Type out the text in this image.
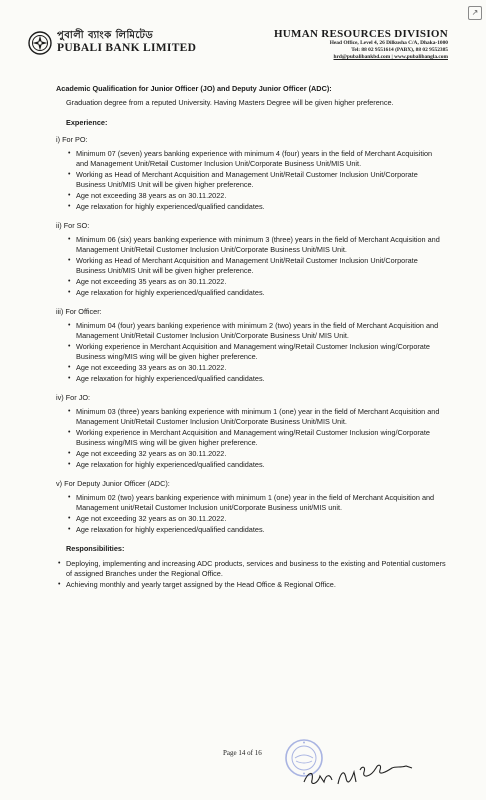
পুবালী ব্যাংক লিমিটেড
PUBALI BANK LIMITED
HUMAN RESOURCES DIVISION
Head Office, Level 4, 26 Dilkusha C/A, Dhaka-1000
Tel: 88 02 9551614 (PABX), 88 02 9552385
hrd@pubalibankbd.com | www.pubalibangla.com
↗

Academic Qualification for Junior Officer (JO) and Deputy Junior Officer (ADC):

Graduation degree from a reputed University. Having Masters Degree will be given higher preference.

Experience:

i) For PO:

• Minimum 07 (seven) years banking experience with minimum 4 (four) years in the field of Merchant Acquisition and Management Unit/Retail Customer Inclusion Unit/Corporate Business Unit/MIS Unit.
• Working as Head of Merchant Acquisition and Management Unit/Retail Customer Inclusion Unit/Corporate Business Unit/MIS Unit will be given higher preference.
• Age not exceeding 38 years as on 30.11.2022.
• Age relaxation for highly experienced/qualified candidates.

ii) For SO:

• Minimum 06 (six) years banking experience with minimum 3 (three) years in the field of Merchant Acquisition and Management Unit/Retail Customer Inclusion Unit/Corporate Business Unit/MIS Unit.
• Working as Head of Merchant Acquisition and Management Unit/Retail Customer Inclusion Unit/Corporate Business Unit/MIS Unit will be given higher preference.
• Age not exceeding 35 years as on 30.11.2022.
• Age relaxation for highly experienced/qualified candidates.

iii) For Officer:

• Minimum 04 (four) years banking experience with minimum 2 (two) years in the field of Merchant Acquisition and Management Unit/Retail Customer Inclusion Unit/Corporate Business Unit/ MIS Unit.
• Working experience in Merchant Acquisition and Management wing/Retail Customer Inclusion wing/Corporate Business wing/MIS wing will be given higher preference.
• Age not exceeding 33 years as on 30.11.2022.
• Age relaxation for highly experienced/qualified candidates.

iv) For JO:

• Minimum 03 (three) years banking experience with minimum 1 (one) year in the field of Merchant Acquisition and Management Unit/Retail Customer Inclusion Unit/Corporate Business Unit/MIS Unit.
• Working experience in Merchant Acquisition and Management wing/Retail Customer Inclusion wing/Corporate Business wing/MIS wing will be given higher preference.
• Age not exceeding 32 years as on 30.11.2022.
• Age relaxation for highly experienced/qualified candidates.

v) For Deputy Junior Officer (ADC):

• Minimum 02 (two) years banking experience with minimum 1 (one) year in the field of Merchant Acquisition and Management unit/Retail Customer Inclusion unit/Corporate Business unit/MIS unit.
• Age not exceeding 32 years as on 30.11.2022.
• Age relaxation for highly experienced/qualified candidates.

Responsibilities:

• Deploying, implementing and increasing ADC products, services and business to the existing and Potential customers of assigned Branches under the Regional Office.
• Achieving monthly and yearly target assigned by the Head Office & Regional Office.
Page 14 of 16
